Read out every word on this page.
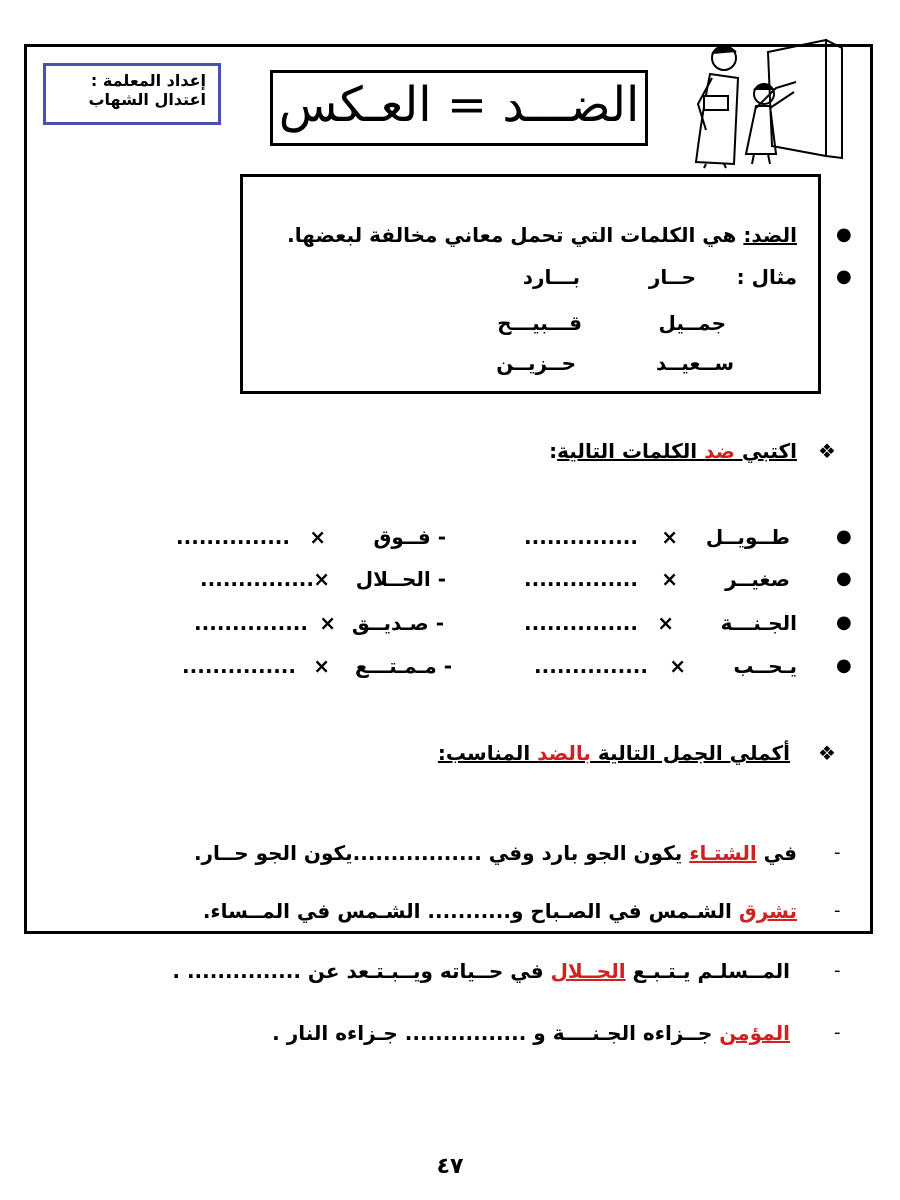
إعداد المعلمة :
اعتدال الشهاب الضـــد = العـكس
●
الضد: هي الكلمات التي تحمل معاني مخالفة لبعضها.
●
مثال :
حــار
بـــارد
جمــيل
قـــبيـــح
ســعيــد
حــزيــن
❖
اكتبي ضد الكلمات التالية:
●
طــويــل
×
...............
- فــوق
×
...............
●
صغيــر
×
...............
- الحــلال
×
...............
●
الجـنـــة
×
...............
- صـديــق
×
...............
●
يـحــب
×
...............
- مـمـتـــع
×
...............
❖
أكملي الجمل التالية بالضد المناسب:
-
في الشتـاء يكون الجو بارد وفي .................يكون الجو حــار.
-
تشرق الشـمس في الصـباح و........... الشـمس في المــساء.
-
المــسلـم يـتـبـع الحــلال في حــياته ويــبـتـعد عن ............... .
-
المؤمن جــزاءه الجـنــــة و ................ جـزاءه النار .
٤٧
